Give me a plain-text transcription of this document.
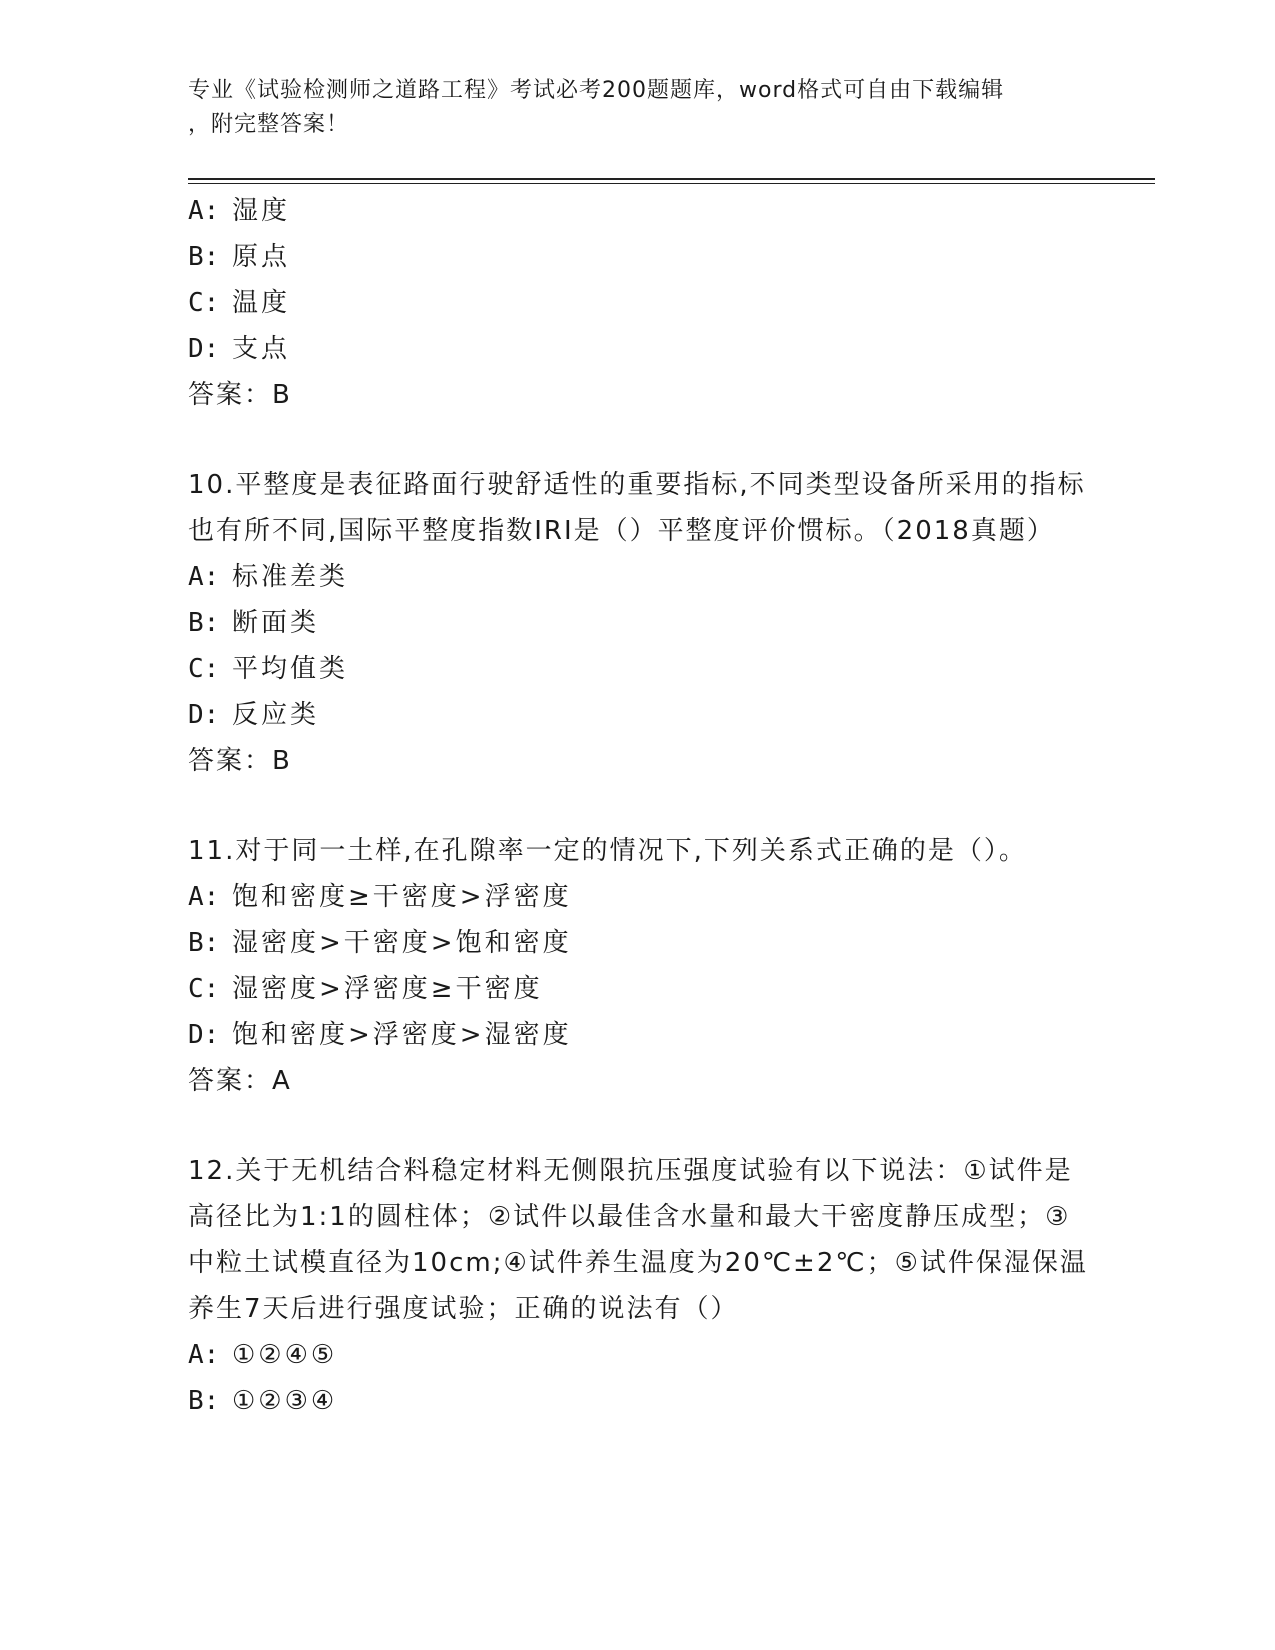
专业《试验检测师之道路工程》考试必考200题题库，word格式可自由下载编辑
，附完整答案！
A: 湿度
B: 原点
C: 温度
D: 支点
答案：B

10.平整度是表征路面行驶舒适性的重要指标,不同类型设备所采用的指标也有所不同,国际平整度指数IRI是（）平整度评价惯标。（2018真题）

A: 标准差类
B: 断面类
C: 平均值类
D: 反应类
答案：B

11.对于同一土样,在孔隙率一定的情况下,下列关系式正确的是（）。

A: 饱和密度≥干密度>浮密度
B: 湿密度>干密度>饱和密度
C: 湿密度>浮密度≥干密度
D: 饱和密度>浮密度>湿密度
答案：A

12.关于无机结合料稳定材料无侧限抗压强度试验有以下说法：①试件是高径比为1:1的圆柱体；②试件以最佳含水量和最大干密度静压成型；③中粒土试模直径为10cm;④试件养生温度为20℃±2℃；⑤试件保湿保温养生7天后进行强度试验；正确的说法有（）

A: ①②④⑤
B: ①②③④
